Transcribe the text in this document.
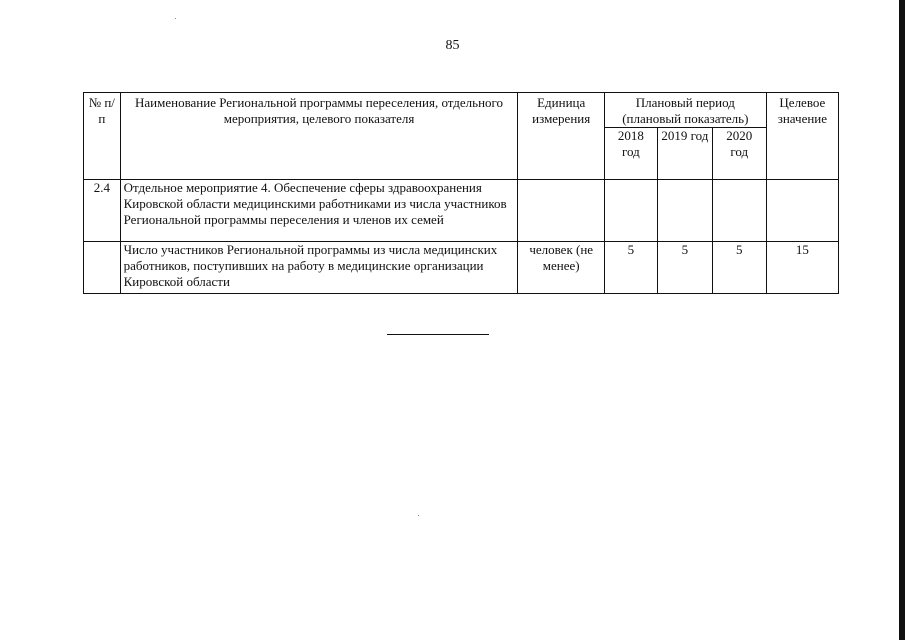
85
№ п/п	Наименование Региональной программы переселения, отдельного мероприятия, целевого показателя	Единица измерения	Плановый период (плановый показатель)			Целевое значение
			2018 год	2019 год	2020 год	
2.4	Отдельное мероприятие 4. Обеспечение сферы здравоохранения Кировской области медицинскими работниками из числа участников Региональной программы переселения и членов их семей					
	Число участников Региональной программы из числа медицинских работников, поступивших на работу в медицинские организации Кировской области	человек (не менее)	5	5	5	15
